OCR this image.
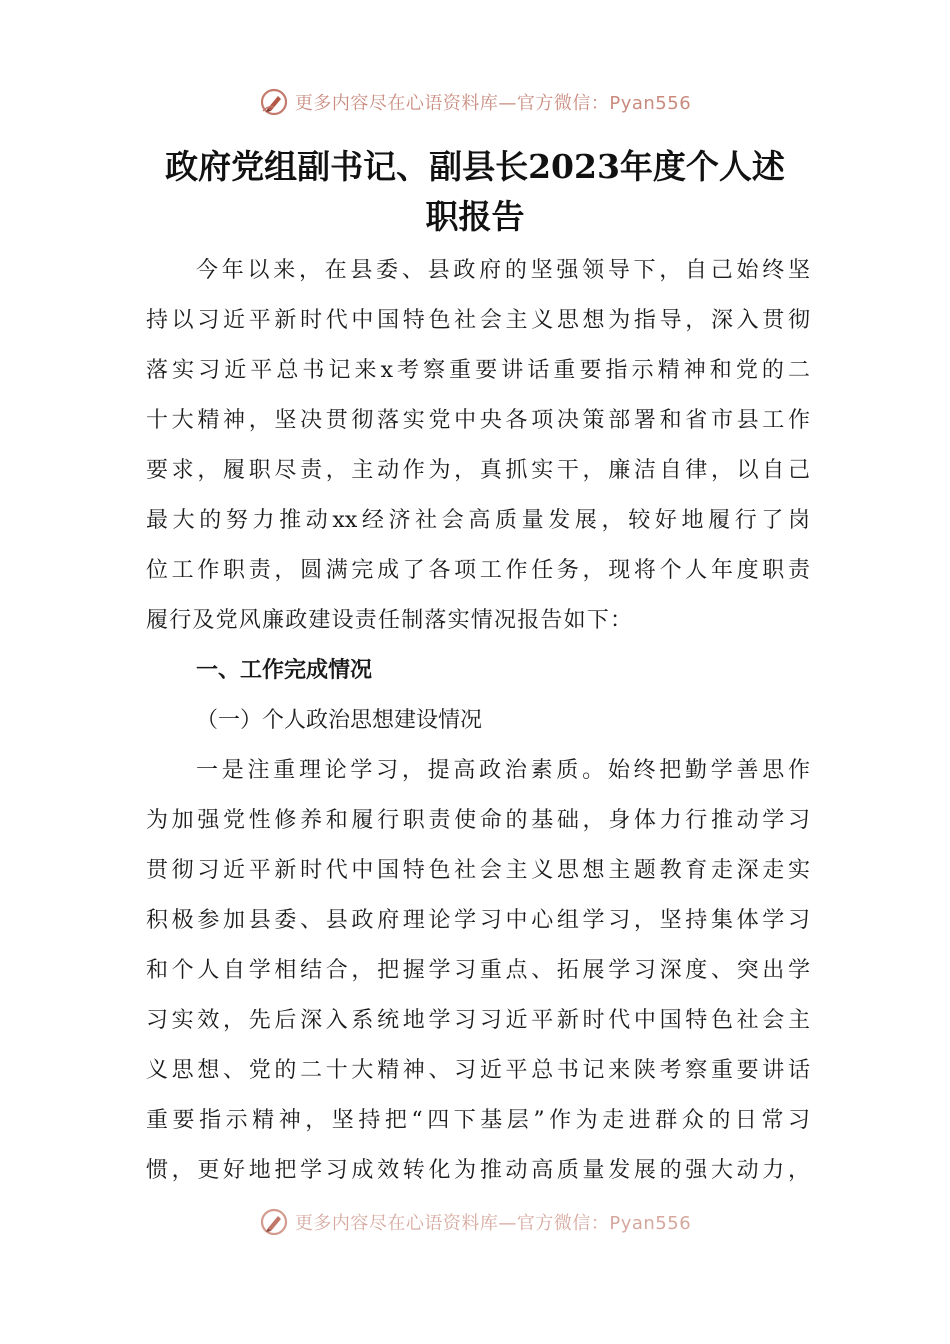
更多内容尽在心语资料库—官方微信：Pyan556
政府党组副书记、副县长2023年度个人述
职报告
今年以来，在县委、县政府的坚强领导下，自己始终坚
持以习近平新时代中国特色社会主义思想为指导，深入贯彻
落实习近平总书记来x考察重要讲话重要指示精神和党的二
十大精神，坚决贯彻落实党中央各项决策部署和省市县工作
要求，履职尽责，主动作为，真抓实干，廉洁自律，以自己
最大的努力推动xx经济社会高质量发展，较好地履行了岗
位工作职责，圆满完成了各项工作任务，现将个人年度职责
履行及党风廉政建设责任制落实情况报告如下：
一、工作完成情况
（一）个人政治思想建设情况
一是注重理论学习，提高政治素质。始终把勤学善思作
为加强党性修养和履行职责使命的基础，身体力行推动学习
贯彻习近平新时代中国特色社会主义思想主题教育走深走实
积极参加县委、县政府理论学习中心组学习，坚持集体学习
和个人自学相结合，把握学习重点、拓展学习深度、突出学
习实效，先后深入系统地学习习近平新时代中国特色社会主
义思想、党的二十大精神、习近平总书记来陕考察重要讲话
重要指示精神，坚持把“四下基层”作为走进群众的日常习
惯，更好地把学习成效转化为推动高质量发展的强大动力，
更多内容尽在心语资料库—官方微信：Pyan556
